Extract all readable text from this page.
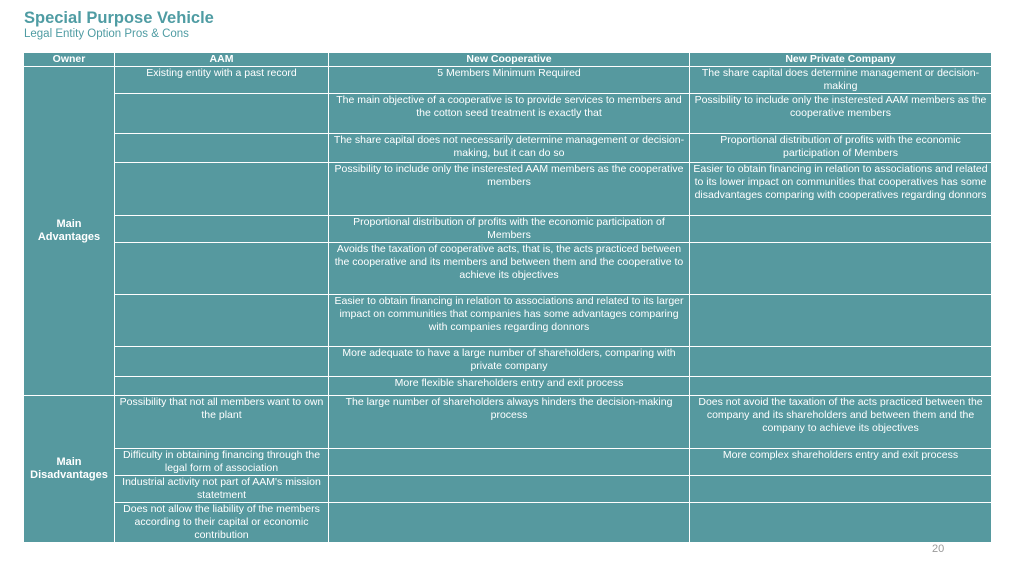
Special Purpose Vehicle
Legal Entity Option Pros & Cons
Owner	AAM	New Cooperative	New Private Company
Main
Advantages	Existing entity with a past record	5 Members Minimum Required	The share capital does determine management or decision-making
		The main objective of a cooperative is to provide services to members and the cotton seed treatment is exactly that	Possibility to include only the insterested AAM members as the cooperative members
		The share capital does not necessarily determine management or decision-making, but it can do so	Proportional distribution of profits with the economic participation of Members
		Possibility to include only the insterested AAM members as the cooperative members	Easier to obtain financing in relation to associations and related to its lower impact on communities that cooperatives has some disadvantages comparing with cooperatives regarding donnors
		Proportional distribution of profits with the economic participation of Members	
		Avoids the taxation of cooperative acts, that is, the acts practiced between the cooperative and its members and between them and the cooperative to achieve its objectives	
		Easier to obtain financing in relation to associations and related to its larger impact on communities that companies has some advantages comparing with companies regarding donnors	
		More adequate to have a large number of shareholders, comparing with private company	
		More flexible shareholders entry and exit process	
Main
Disadvantages	Possibility that not all members want to own the plant	The large number of shareholders always hinders the decision-making process	Does not avoid the taxation of the acts practiced between the company and its shareholders and between them and the company to achieve its objectives
	Difficulty in obtaining financing through the legal form of association		More complex shareholders entry and exit process
	Industrial activity not part of AAM's mission statetment		
	Does not allow the liability of the members according to their capital or economic contribution		
20
